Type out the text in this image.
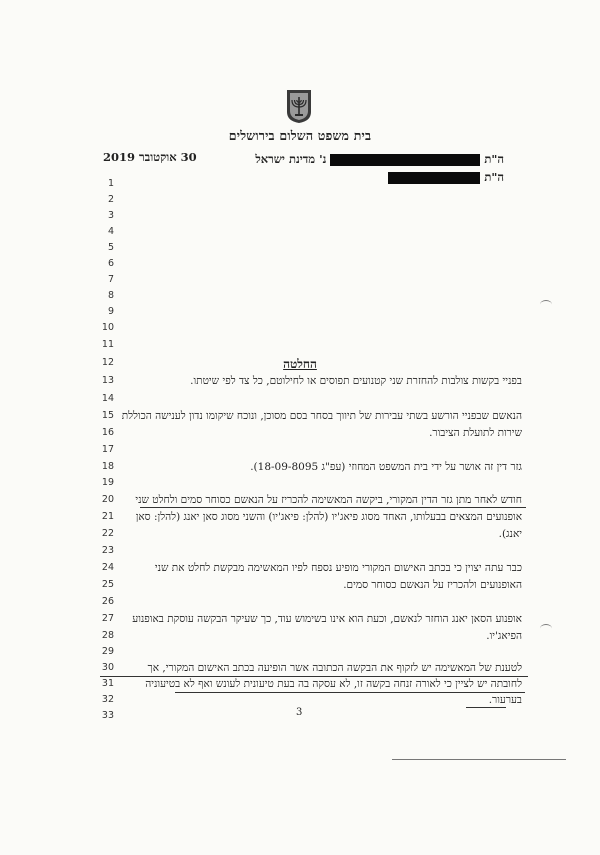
בית משפט השלום בירושלים
ה"ת  נ' מדינת ישראל
ה"ת
30 אוקטובר 2019
1
2
3
4
5
6
7
8
9
10
11
12
13
14
15
16
17
18
19
20
21
22
23
24
25
26
27
28
29
30
31
32
33
החלטה
בפניי בקשות צולבות להחזרת שני קטנועים תפוסים או לחילוטם, כל צד לפי שיטתו.
הנאשם שבפניי הורשע בשתי עבירות של תיווך בסחר בסם מסוכן, ונוכח שיקומו נדון לענישה הכוללת
שירות לתועלת הציבור.
גזר דין זה אושר על ידי בית המשפט המחוזי (עפ"ג 18-09-8095).
חודש לאחר מתן גזר הדין המקורי, ביקשה המאשימה להכריז על הנאשם כסוחר סמים ולחלט שני
אופנועים המצאים בבעלותו, האחד מסוג פיאג'יו (להלן: פיאג'יו) והשני מסוג סאן יאנג (להלן: סאן
יאנג).
כבר עתה יצוין כי בכתב האישום המקורי מופיע נספח לפיו המאשימה מבקשת לחלט את שני
האופנועים ולהכריז על הנאשם כסוחר סמים.
אופנוע הסאן יאנג הוחזר לנאשם, וכעת הוא אינו בשימוש עוד, כך שעיקר הבקשה עוסקת באופנוע
הפיאג'יו.
לטענת של המאשימה יש לזקוף את הבקשה הכתובה אשר הופיעה בכתב האישום המקורי, אך
לחובתה יש לציין כי לאורה זנחה בקשה זו, לא עסקה בה בעת טיעונית לעונש ואף לא בטיעוניה
בערעור.
3
